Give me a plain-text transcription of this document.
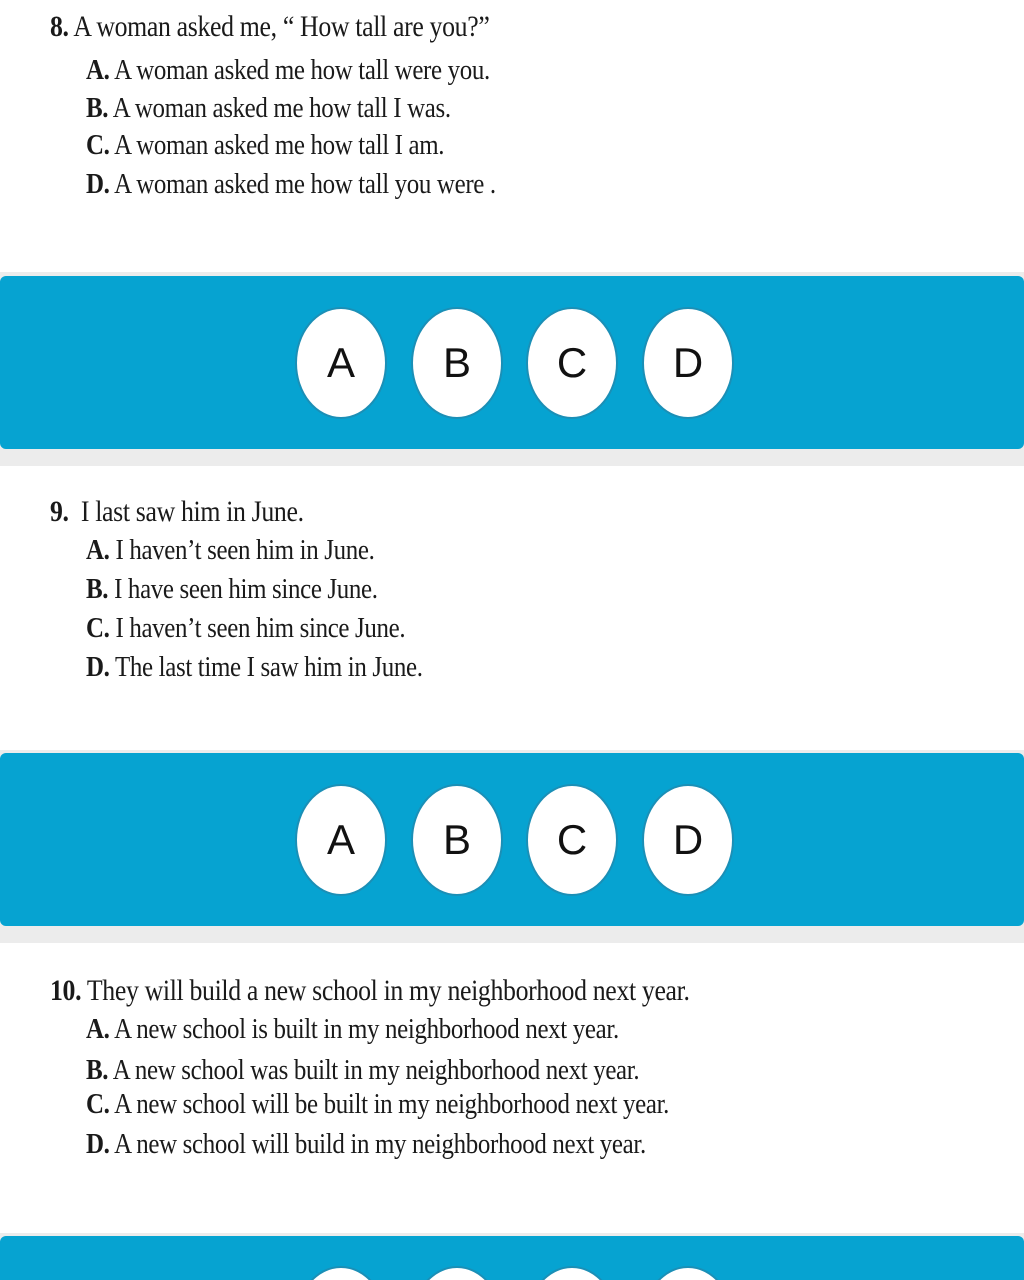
8. A woman asked me, “ How tall are you?”
A. A woman asked me how tall were you.
B. A woman asked me how tall I was.
C. A woman asked me how tall I am.
D. A woman asked me how tall you were .
A	B	C	D
9. I last saw him in June.
A. I haven’t seen him in June.
B. I have seen him since June.
C. I haven’t seen him since June.
D. The last time I saw him in June.
A	B	C	D
10. They will build a new school in my neighborhood next year.
A. A new school is built in my neighborhood next year.
B. A new school was built in my neighborhood next year.
C. A new school will be built in my neighborhood next year.
D. A new school will build in my neighborhood next year.
